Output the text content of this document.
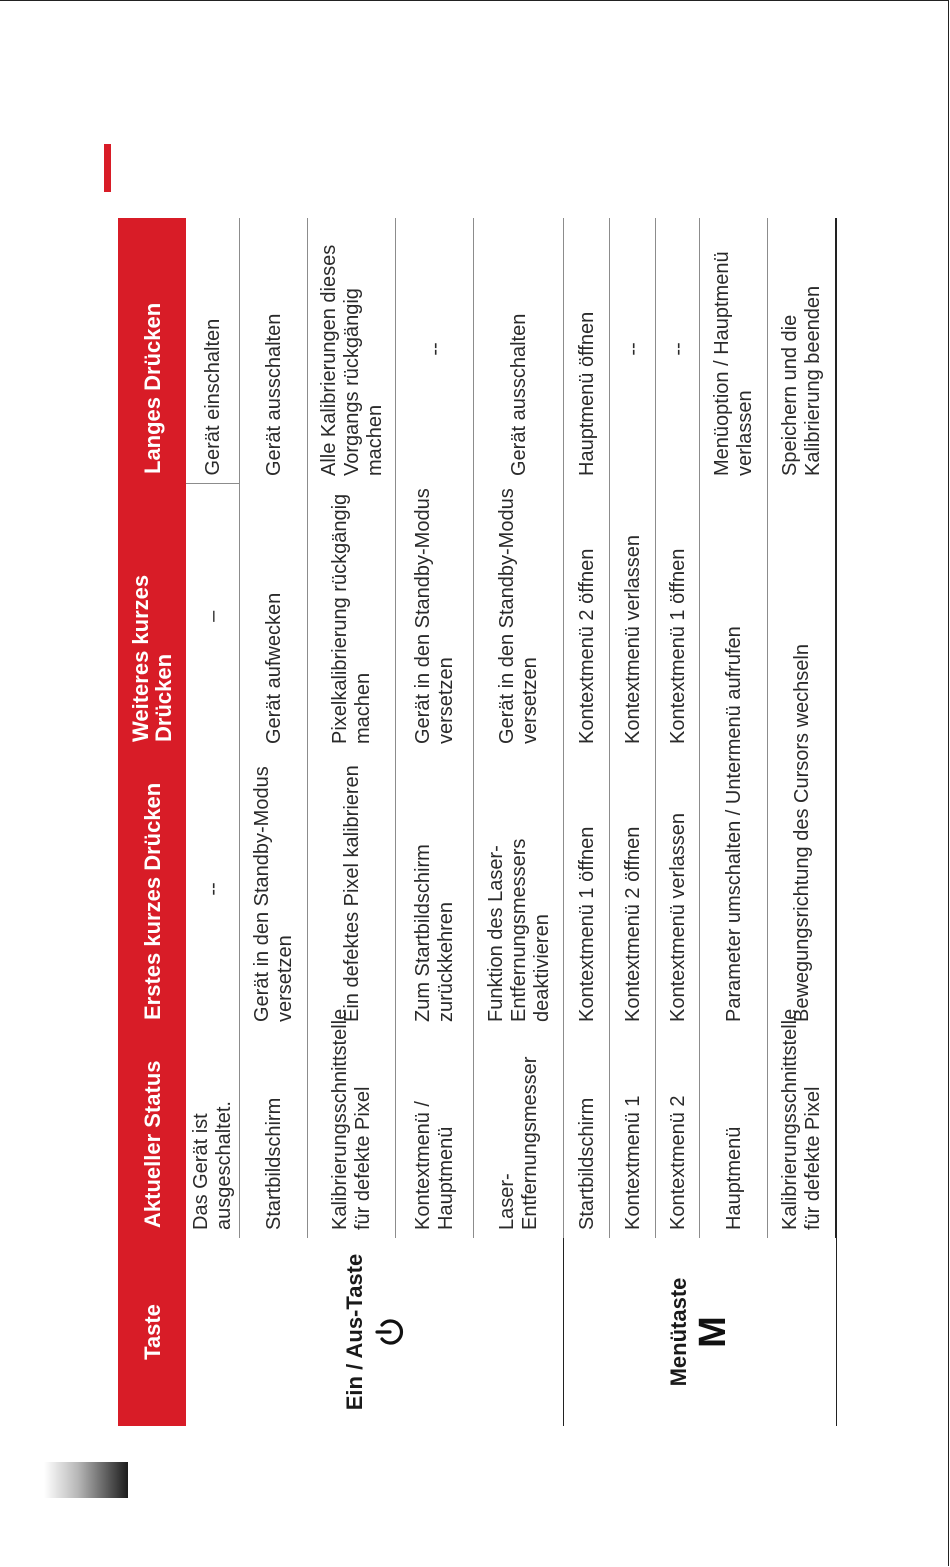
Taste	Aktueller Status	Erstes kurzes Drücken	Weiteres kurzes Drücken	Langes Drücken

Ein / Aus-Taste	Das Gerät ist ausgeschaltet.	--	–	Gerät einschalten
	Startbildschirm	Gerät in den Standby-Modus versetzen	Gerät aufwecken	Gerät ausschalten
	Kalibrierungsschnittstelle für defekte Pixel	Ein defektes Pixel kalibrieren	Pixelkalibrierung rückgängig machen	Alle Kalibrierungen dieses Vorgangs rückgängig machen
	Kontextmenü / Hauptmenü	Zum Startbildschirm zurückkehren	Gerät in den Standby-Modus versetzen	--
	Laser-Entfernungsmesser	Funktion des Laser-Entfernungsmessers deaktivieren	Gerät in den Standby-Modus versetzen	Gerät ausschalten

Menütaste M	Startbildschirm	Kontextmenü 1 öffnen	Kontextmenü 2 öffnen	Hauptmenü öffnen
	Kontextmenü 1	Kontextmenü 2 öffnen	Kontextmenü verlassen	--
	Kontextmenü 2	Kontextmenü verlassen	Kontextmenü 1 öffnen	--
	Hauptmenü	Parameter umschalten / Untermenü aufrufen		Menüoption / Hauptmenü verlassen
	Kalibrierungsschnittstelle für defekte Pixel	Bewegungsrichtung des Cursors wechseln		Speichern und die Kalibrierung beenden
